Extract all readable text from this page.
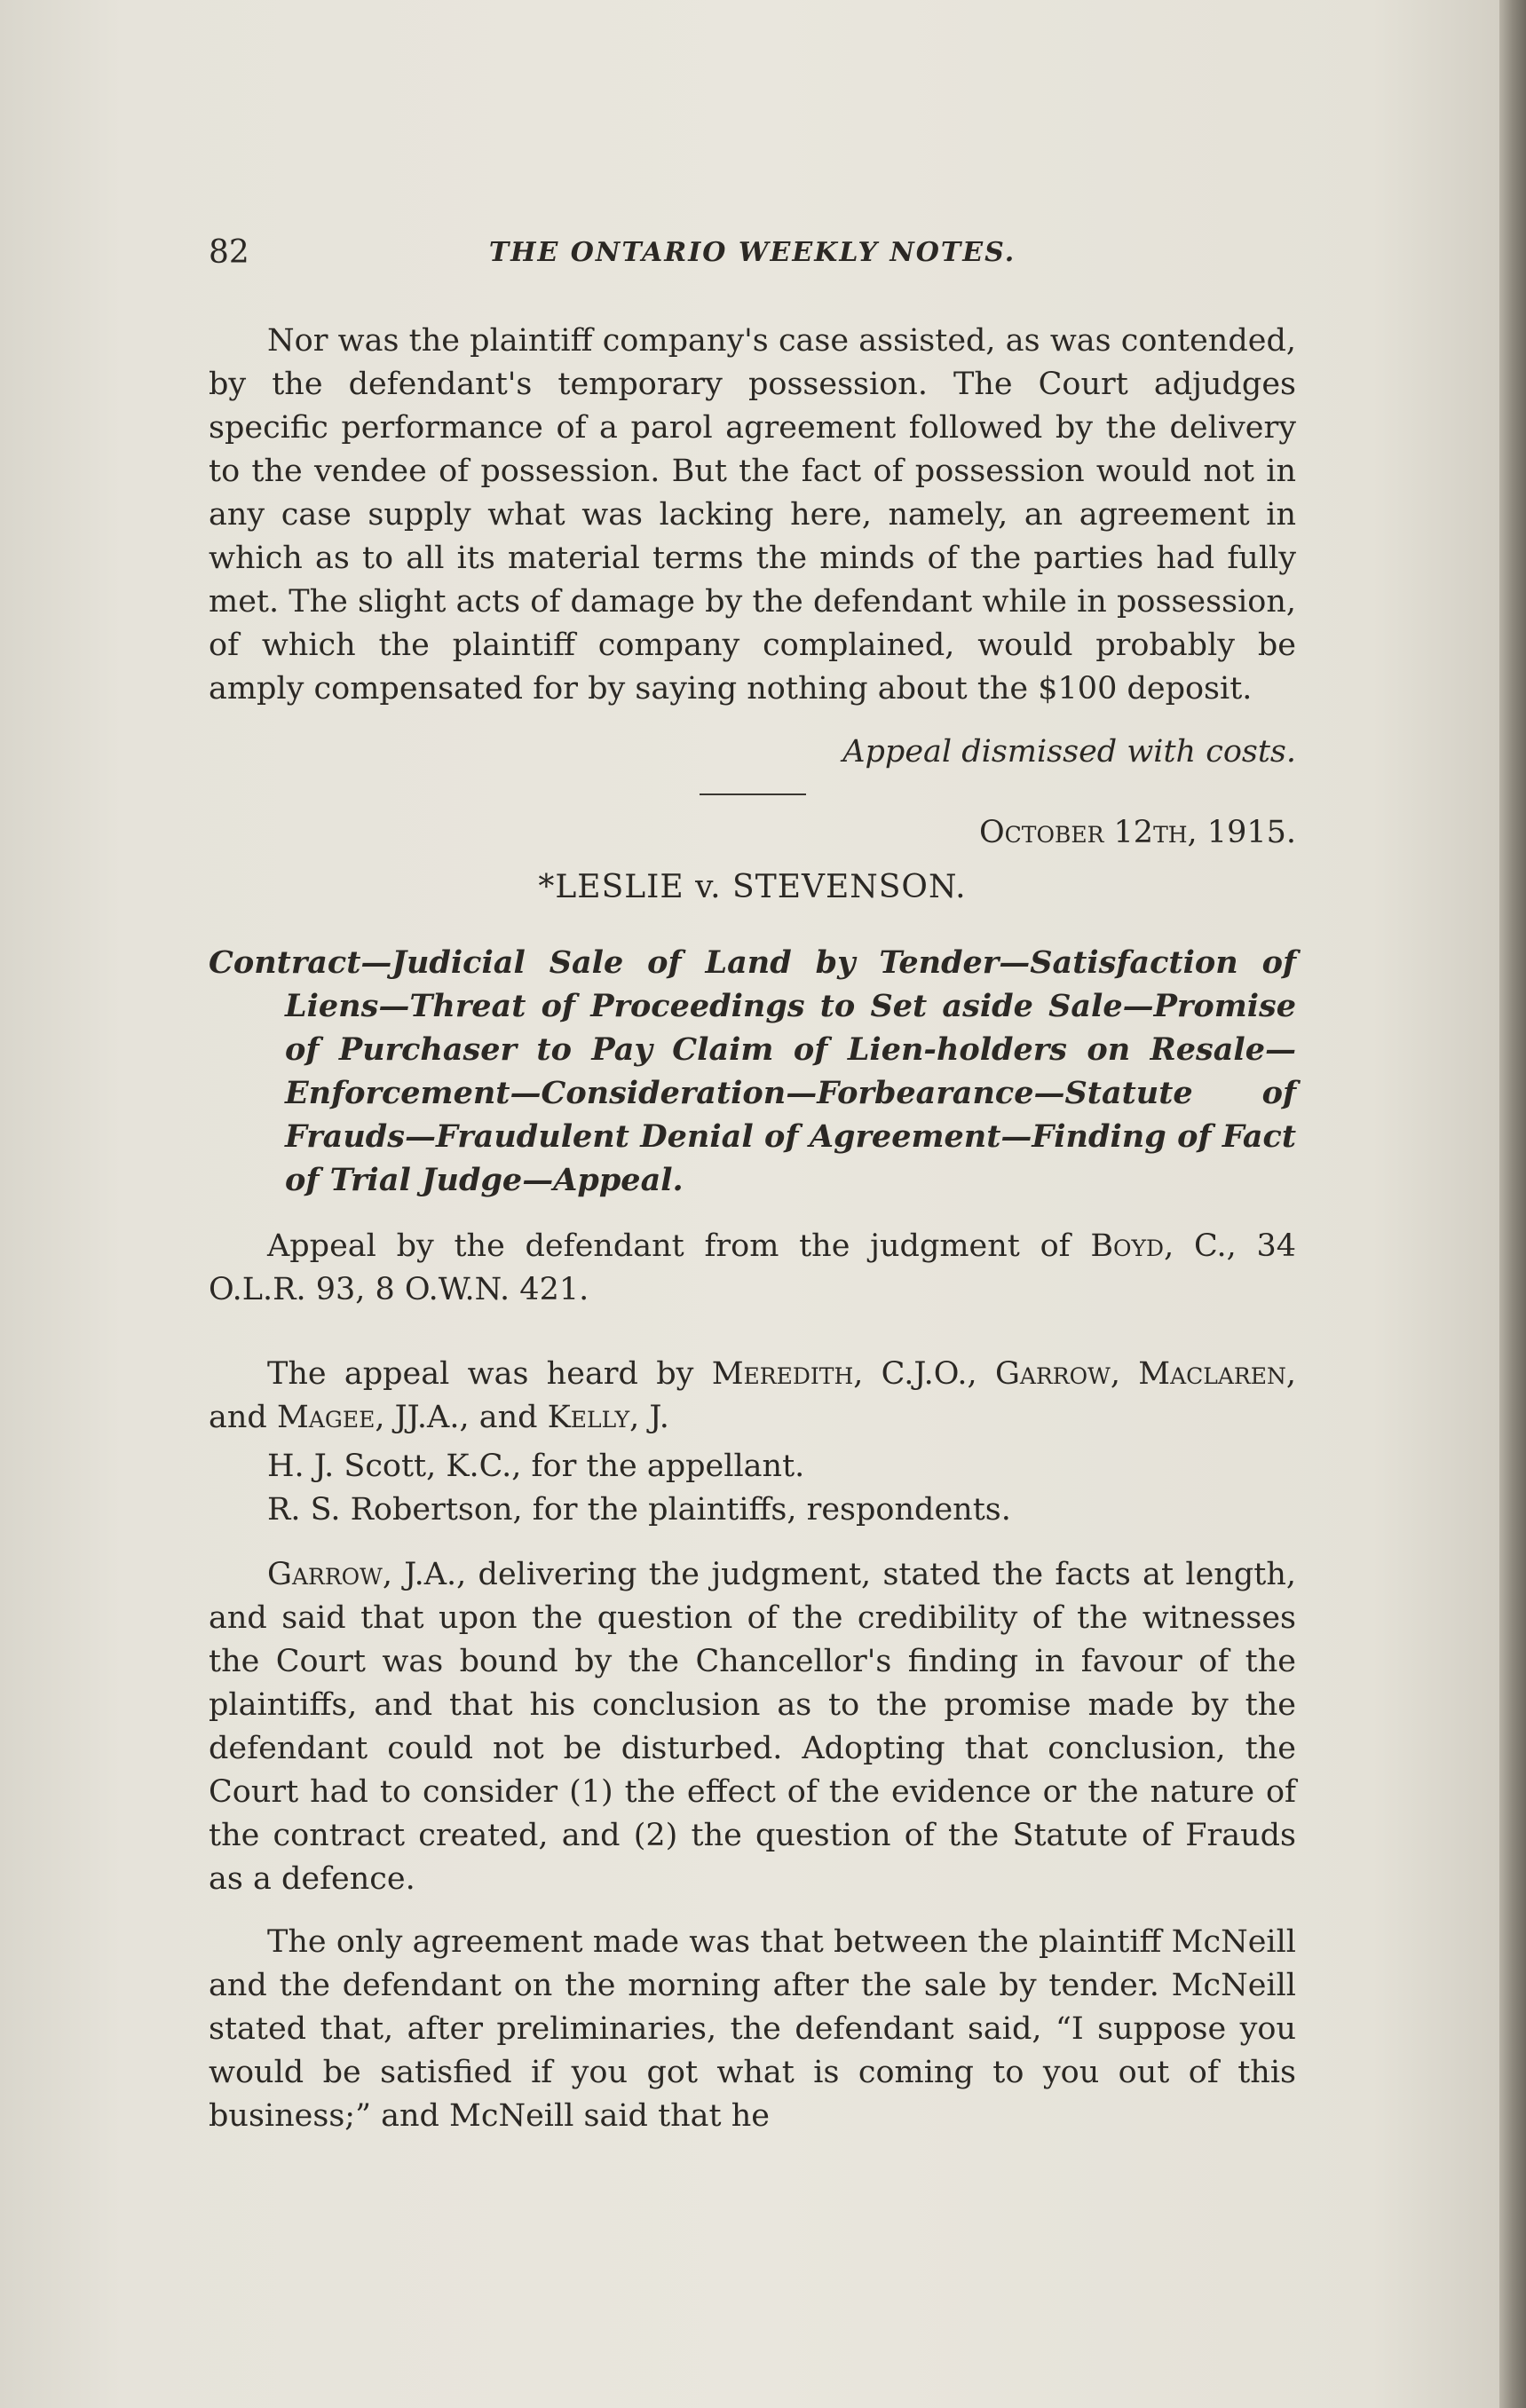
82	THE ONTARIO WEEKLY NOTES.

Nor was the plaintiff company's case assisted, as was contended, by the defendant's temporary possession. The Court adjudges specific performance of a parol agreement followed by the delivery to the vendee of possession. But the fact of possession would not in any case supply what was lacking here, namely, an agreement in which as to all its material terms the minds of the parties had fully met. The slight acts of damage by the defendant while in possession, of which the plaintiff company complained, would probably be amply compensated for by saying nothing about the $100 deposit.

Appeal dismissed with costs.

October 12th, 1915.
*LESLIE v. STEVENSON.
Contract—Judicial Sale of Land by Tender—Satisfaction of Liens—Threat of Proceedings to Set aside Sale—Promise of Purchaser to Pay Claim of Lien-holders on Resale—Enforcement—Consideration—Forbearance—Statute of Frauds—Fraudulent Denial of Agreement—Finding of Fact of Trial Judge—Appeal.

Appeal by the defendant from the judgment of Boyd, C., 34 O.L.R. 93, 8 O.W.N. 421.

The appeal was heard by Meredith, C.J.O., Garrow, Maclaren, and Magee, JJ.A., and Kelly, J.

H. J. Scott, K.C., for the appellant.

R. S. Robertson, for the plaintiffs, respondents.

Garrow, J.A., delivering the judgment, stated the facts at length, and said that upon the question of the credibility of the witnesses the Court was bound by the Chancellor's finding in favour of the plaintiffs, and that his conclusion as to the promise made by the defendant could not be disturbed. Adopting that conclusion, the Court had to consider (1) the effect of the evidence or the nature of the contract created, and (2) the question of the Statute of Frauds as a defence.

The only agreement made was that between the plaintiff McNeill and the defendant on the morning after the sale by tender. McNeill stated that, after preliminaries, the defendant said, “I suppose you would be satisfied if you got what is coming to you out of this business;” and McNeill said that he
